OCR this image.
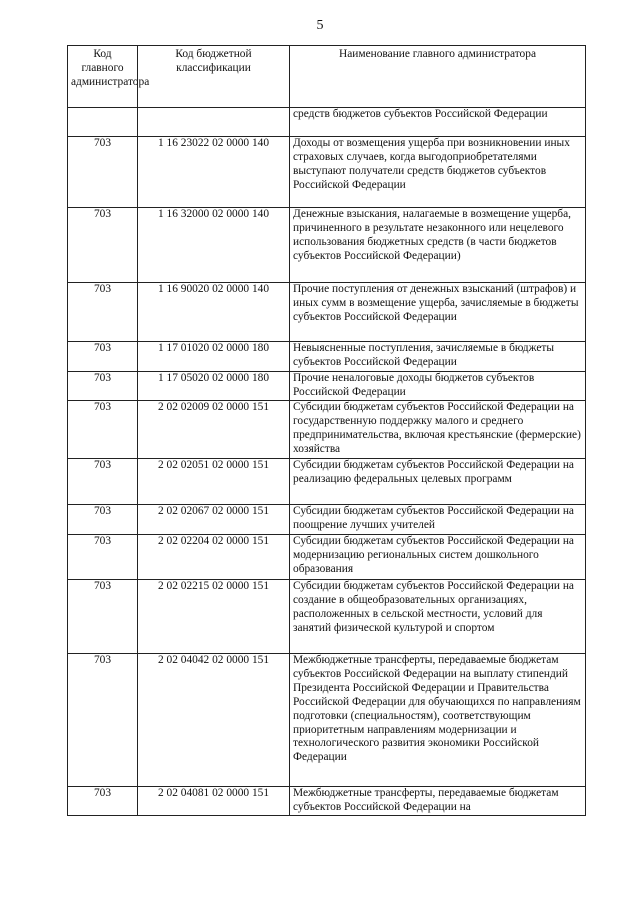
5
Код главного администратора	Код бюджетной классификации	Наименование главного администратора
		средств бюджетов субъектов Российской Федерации
703	1 16 23022 02 0000 140	Доходы от возмещения ущерба при возникновении иных страховых случаев, когда выгодоприобретателями выступают получатели средств бюджетов субъектов Российской Федерации
703	1 16 32000 02 0000 140	Денежные взыскания, налагаемые в возмещение ущерба, причиненного в результате незаконного или нецелевого использования бюджетных средств (в части бюджетов субъектов Российской Федерации)
703	1 16 90020 02 0000 140	Прочие поступления от денежных взысканий (штрафов) и иных сумм в возмещение ущерба, зачисляемые в бюджеты субъектов Российской Федерации
703	1 17 01020 02 0000 180	Невыясненные поступления, зачисляемые в бюджеты субъектов Российской Федерации
703	1 17 05020 02 0000 180	Прочие неналоговые доходы бюджетов субъектов Российской Федерации
703	2 02 02009 02 0000 151	Субсидии бюджетам субъектов Российской Федерации на государственную поддержку малого и среднего предпринимательства, включая крестьянские (фермерские) хозяйства
703	2 02 02051 02 0000 151	Субсидии бюджетам субъектов Российской Федерации на реализацию федеральных целевых программ
703	2 02 02067 02 0000 151	Субсидии бюджетам субъектов Российской Федерации на поощрение лучших учителей
703	2 02 02204 02 0000 151	Субсидии бюджетам субъектов Российской Федерации на модернизацию региональных систем дошкольного образования
703	2 02 02215 02 0000 151	Субсидии бюджетам субъектов Российской Федерации на создание в общеобразовательных организациях, расположенных в сельской местности, условий для занятий физической культурой и спортом
703	2 02 04042 02 0000 151	Межбюджетные трансферты, передаваемые бюджетам субъектов Российской Федерации на выплату стипендий Президента Российской Федерации и Правительства Российской Федерации для обучающихся по направлениям подготовки (специальностям), соответствующим приоритетным направлениям модернизации и технологического развития экономики Российской Федерации
703	2 02 04081 02 0000 151	Межбюджетные трансферты, передаваемые бюджетам субъектов Российской Федерации на
